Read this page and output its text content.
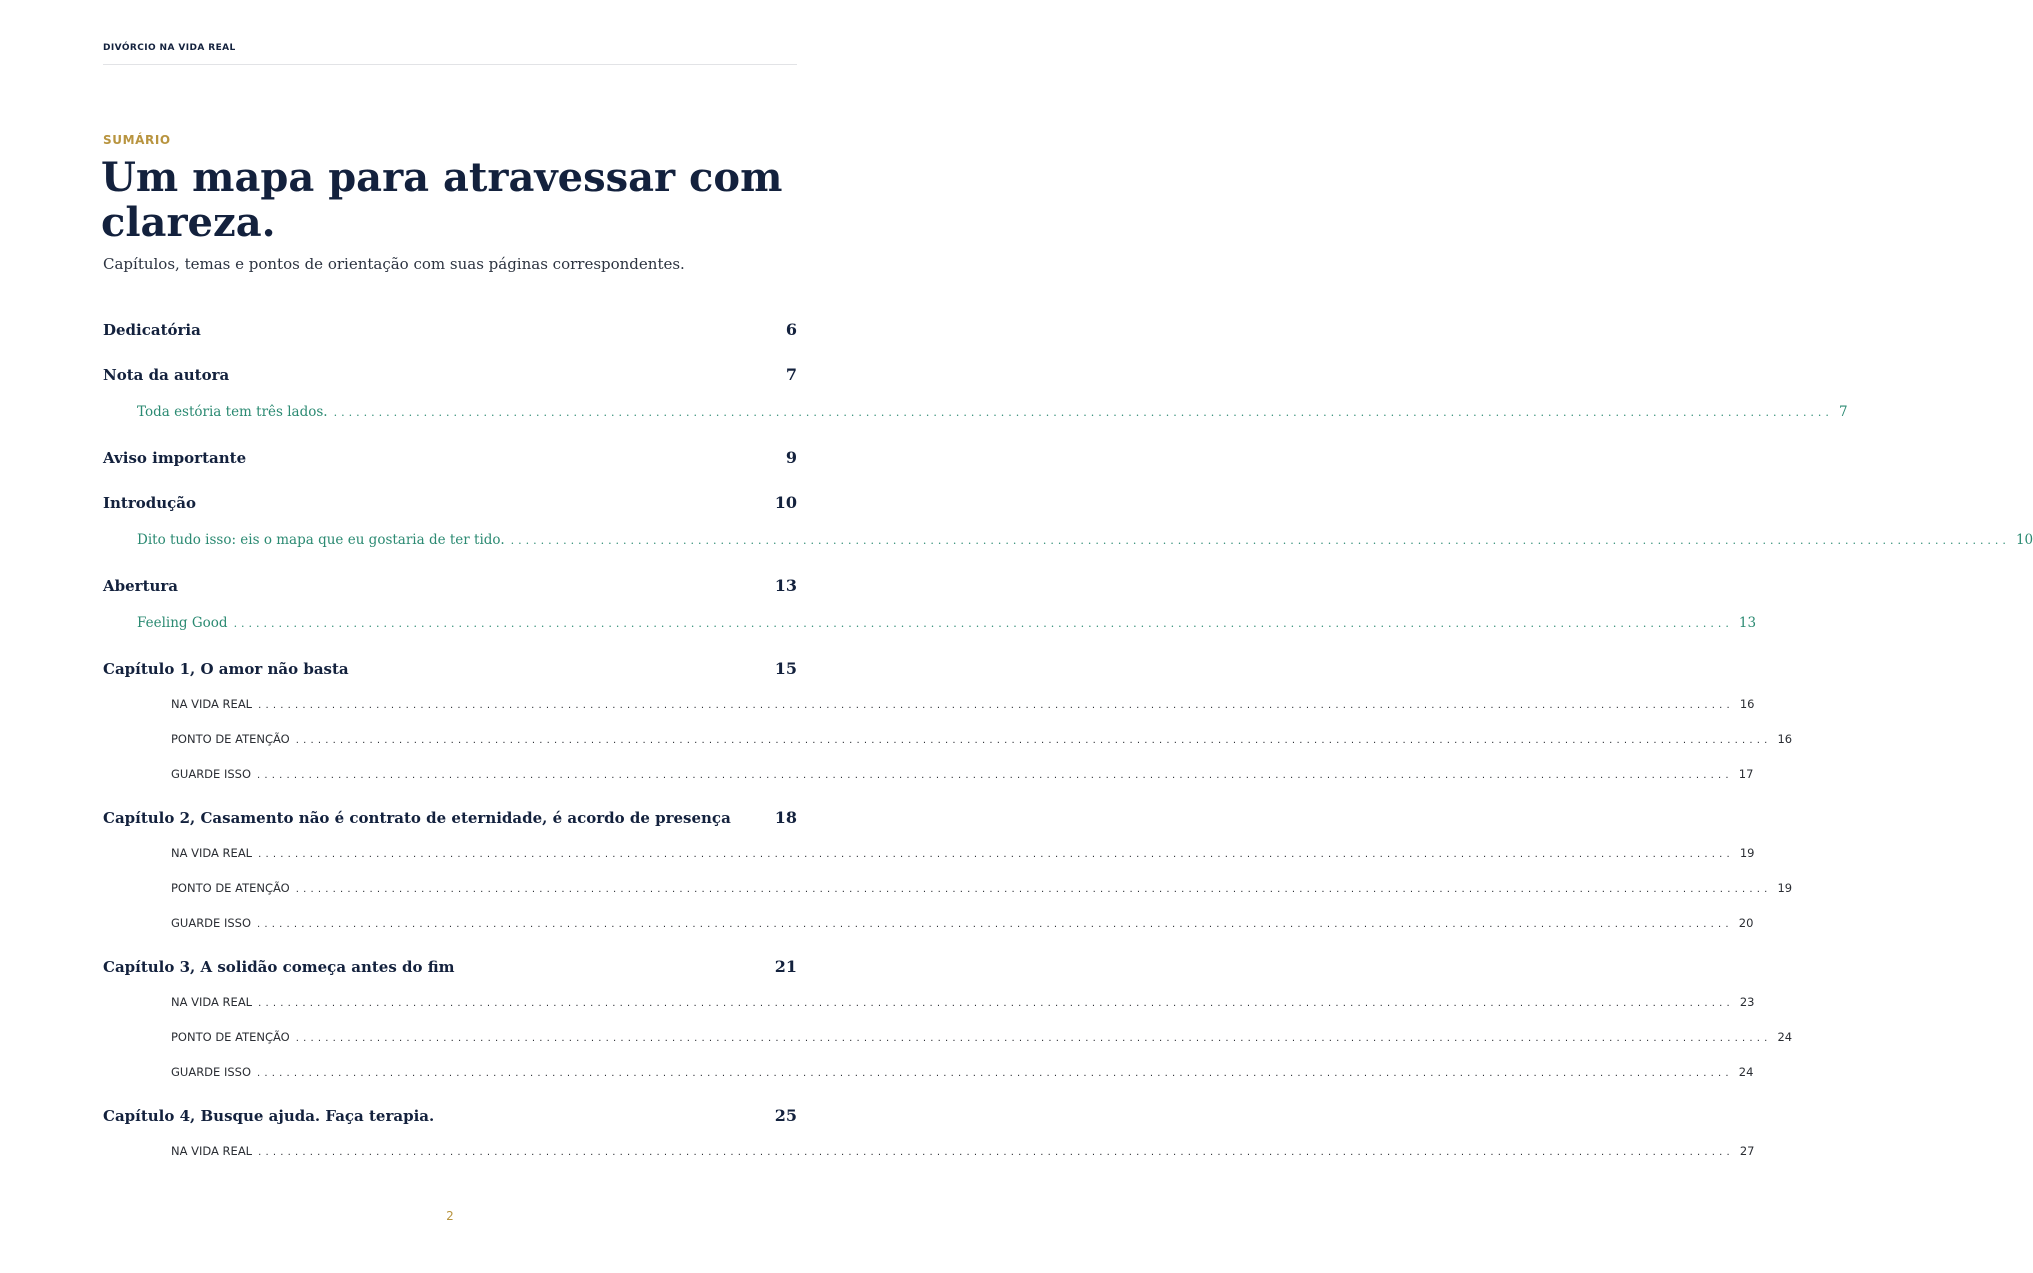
DIVÓRCIO NA VIDA REAL
SUMÁRIO
Um mapa para atravessar com clareza.

Capítulos, temas e pontos de orientação com suas páginas correspondentes.

Dedicatória	6
Nota da autora	7
Toda estória tem três lados. ........................................................................................................................................................................................................ 7
Aviso importante	9
Introdução	10
Dito tudo isso: eis o mapa que eu gostaria de ter tido. ........................................................................................................................................................................................................ 10
Abertura	13
Feeling Good ........................................................................................................................................................................................................ 13
Capítulo 1, O amor não basta	15
NA VIDA REAL ........................................................................................................................................................................................................ 16
PONTO DE ATENÇÃO ........................................................................................................................................................................................................ 16
GUARDE ISSO ........................................................................................................................................................................................................ 17
Capítulo 2, Casamento não é contrato de eternidade, é acordo de presença	18
NA VIDA REAL ........................................................................................................................................................................................................ 19
PONTO DE ATENÇÃO ........................................................................................................................................................................................................ 19
GUARDE ISSO ........................................................................................................................................................................................................ 20
Capítulo 3, A solidão começa antes do fim	21
NA VIDA REAL ........................................................................................................................................................................................................ 23
PONTO DE ATENÇÃO ........................................................................................................................................................................................................ 24
GUARDE ISSO ........................................................................................................................................................................................................ 24
Capítulo 4, Busque ajuda. Faça terapia.	25
NA VIDA REAL ........................................................................................................................................................................................................ 27
2
